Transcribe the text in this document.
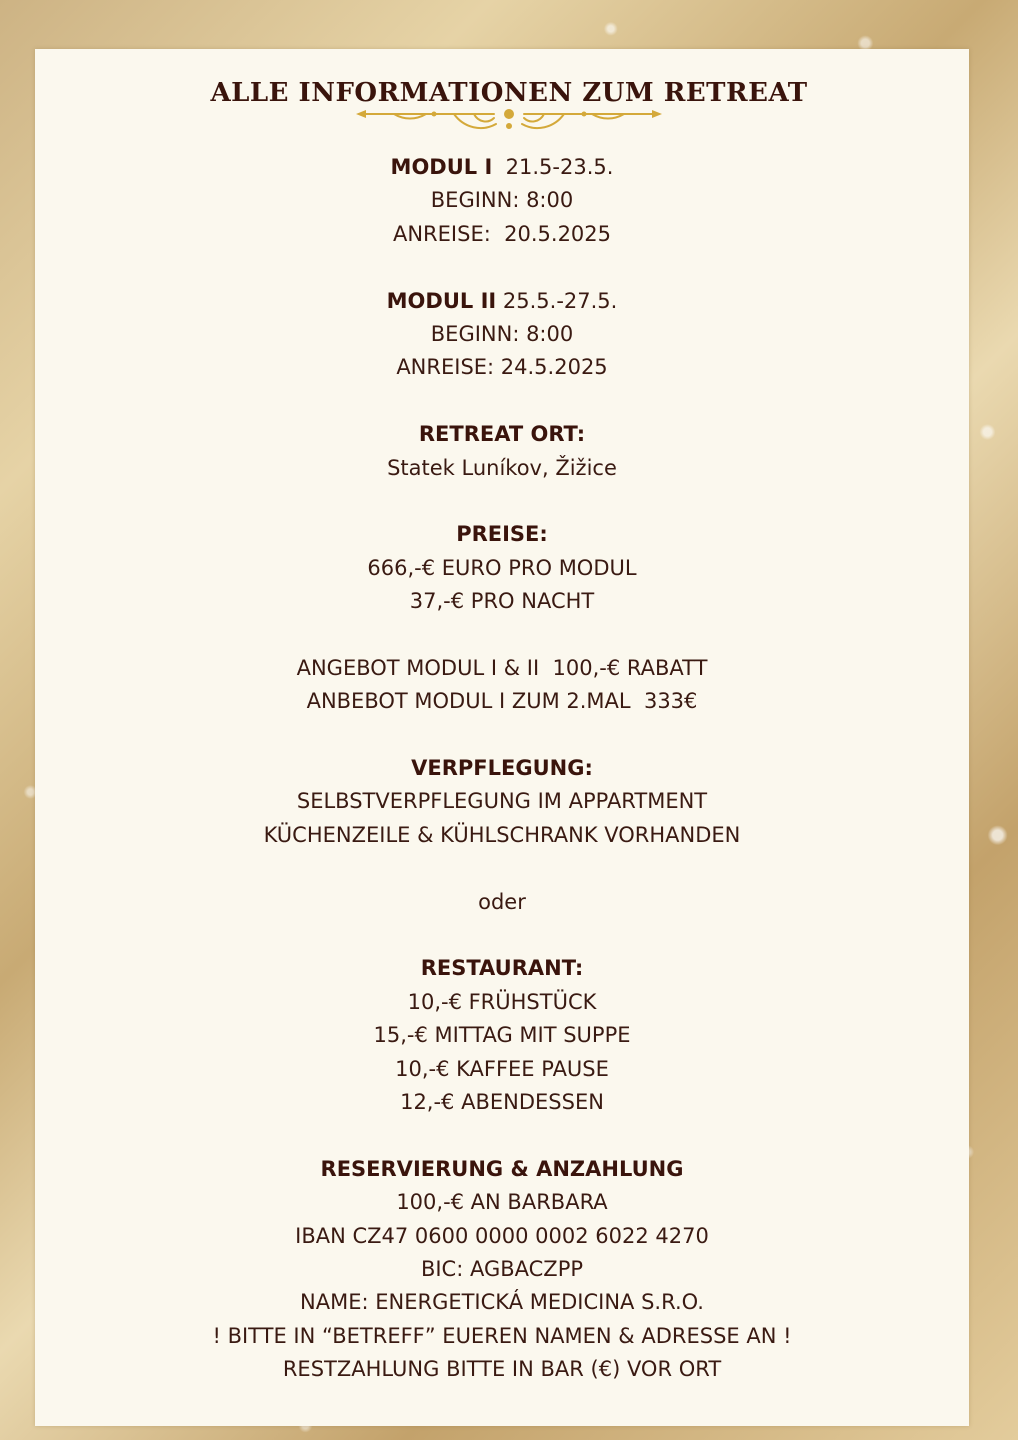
ALLE INFORMATIONEN ZUM RETREAT
MODUL I 21.5-23.5.
BEGINN: 8:00
ANREISE:  20.5.2025
MODUL II 25.5.-27.5.
BEGINN: 8:00
ANREISE: 24.5.2025
RETREAT ORT:
Statek Luníkov, Žižice
PREISE:
666,-€ EURO PRO MODUL
37,-€ PRO NACHT
ANGEBOT MODUL I & II  100,-€ RABATT
ANBEBOT MODUL I ZUM 2.MAL  333€
VERPFLEGUNG:
SELBSTVERPFLEGUNG IM APPARTMENT
KÜCHENZEILE & KÜHLSCHRANK VORHANDEN
oder
RESTAURANT:
10,-€ FRÜHSTÜCK
15,-€ MITTAG MIT SUPPE
10,-€ KAFFEE PAUSE
12,-€ ABENDESSEN
RESERVIERUNG & ANZAHLUNG
100,-€ AN BARBARA
IBAN CZ47 0600 0000 0002 6022 4270
BIC: AGBACZPP
NAME: ENERGETICKÁ MEDICINA S.R.O.
! BITTE IN “BETREFF” EUEREN NAMEN & ADRESSE AN !
RESTZAHLUNG BITTE IN BAR (€) VOR ORT
